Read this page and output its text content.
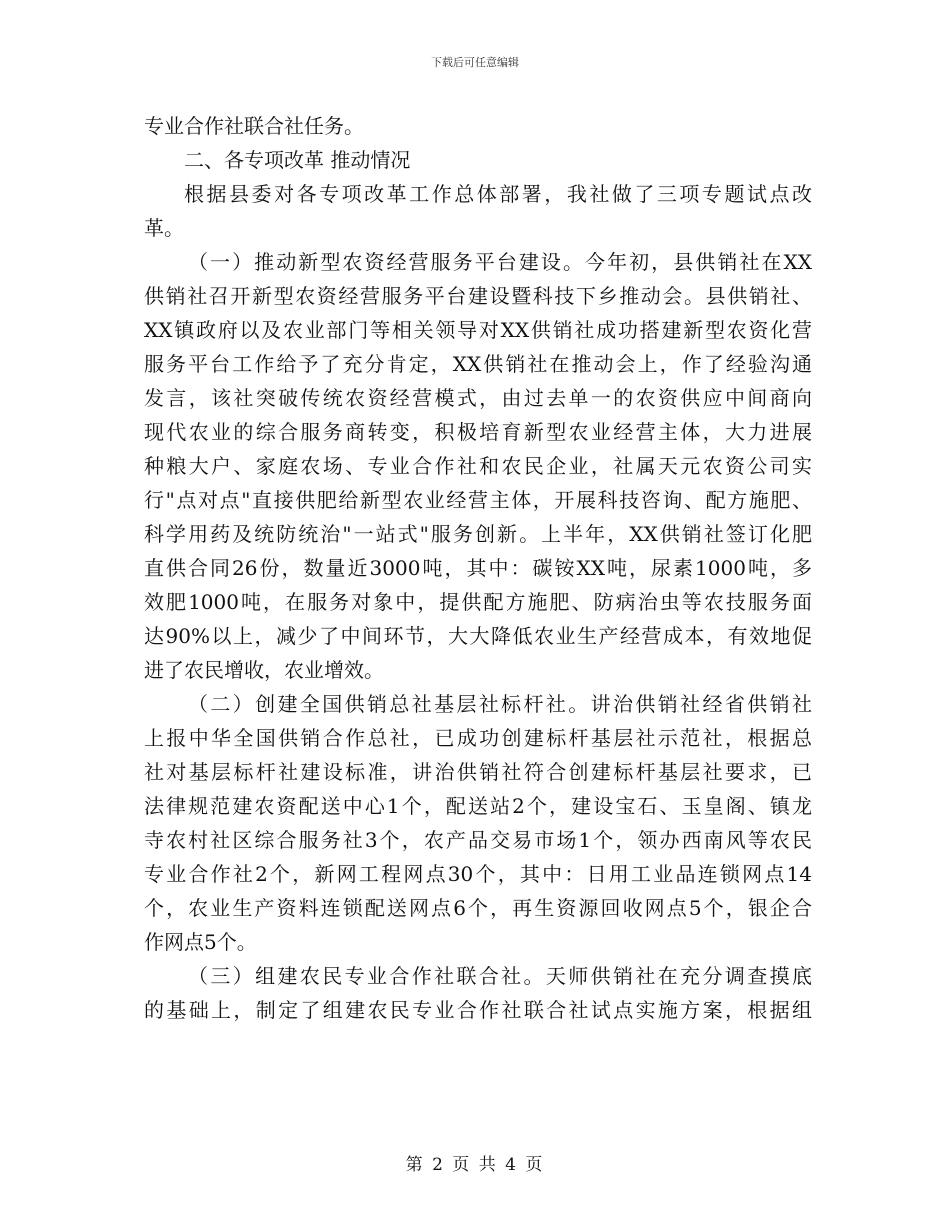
下载后可任意编辑
专业合作社联合社任务。
二、各专项改革 推动情况
根据县委对各专项改革工作总体部署，我社做了三项专题试点改
革。
（一）推动新型农资经营服务平台建设。今年初，县供销社在XX
供销社召开新型农资经营服务平台建设暨科技下乡推动会。县供销社、
XX镇政府以及农业部门等相关领导对XX供销社成功搭建新型农资化营
服务平台工作给予了充分肯定，XX供销社在推动会上，作了经验沟通
发言，该社突破传统农资经营模式，由过去单一的农资供应中间商向
现代农业的综合服务商转变，积极培育新型农业经营主体，大力进展
种粮大户、家庭农场、专业合作社和农民企业，社属天元农资公司实
行"点对点"直接供肥给新型农业经营主体，开展科技咨询、配方施肥、
科学用药及统防统治"一站式"服务创新。上半年，XX供销社签订化肥
直供合同26份，数量近3000吨，其中：碳铵XX吨，尿素1000吨，多
效肥1000吨，在服务对象中，提供配方施肥、防病治虫等农技服务面
达90%以上，减少了中间环节，大大降低农业生产经营成本，有效地促
进了农民增收，农业增效。
（二）创建全国供销总社基层社标杆社。讲治供销社经省供销社
上报中华全国供销合作总社，已成功创建标杆基层社示范社，根据总
社对基层标杆社建设标准，讲治供销社符合创建标杆基层社要求，已
法律规范建农资配送中心1个，配送站2个，建设宝石、玉皇阁、镇龙
寺农村社区综合服务社3个，农产品交易市场1个，领办西南风等农民
专业合作社2个，新网工程网点30个，其中：日用工业品连锁网点14
个，农业生产资料连锁配送网点6个，再生资源回收网点5个，银企合
作网点5个。
（三）组建农民专业合作社联合社。天师供销社在充分调查摸底
的基础上，制定了组建农民专业合作社联合社试点实施方案，根据组
第 2 页 共 4 页
